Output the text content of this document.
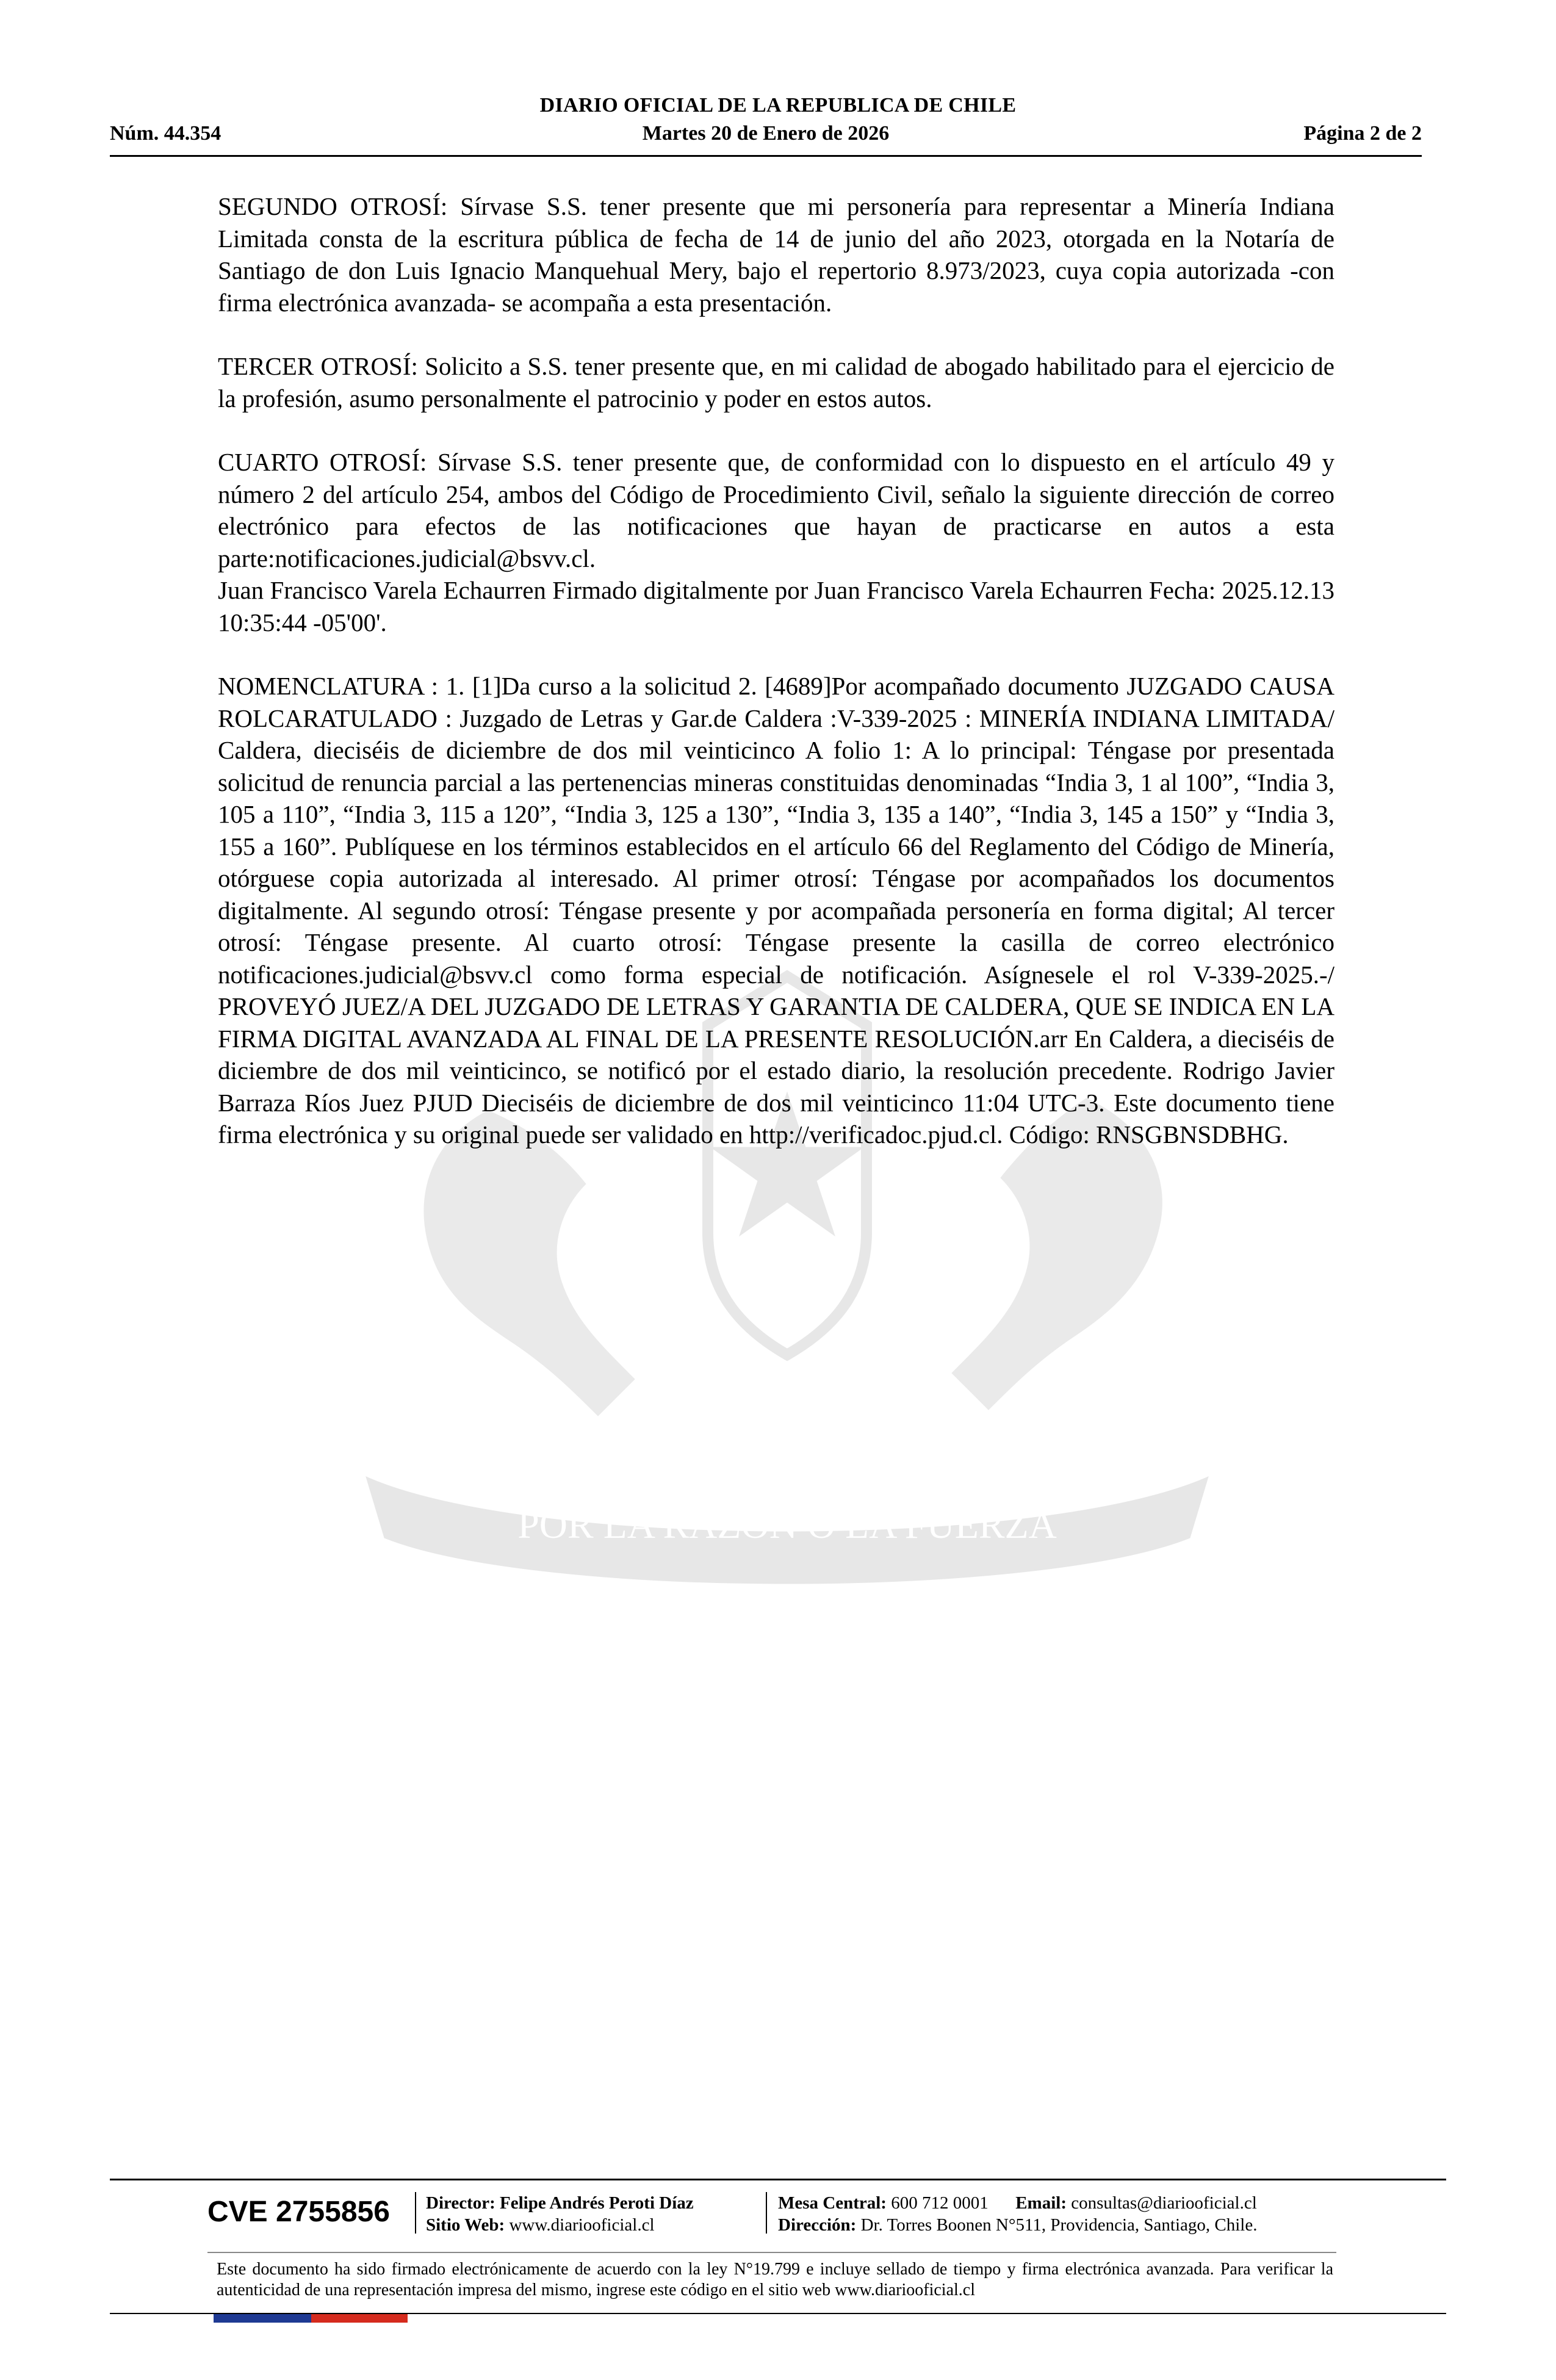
DIARIO OFICIAL DE LA REPUBLICA DE CHILE
Núm. 44.354	Martes 20 de Enero de 2026	Página 2 de 2
POR LA RAZON O LA FUERZA

SEGUNDO OTROSÍ: Sírvase S.S. tener presente que mi personería para representar a Minería Indiana Limitada consta de la escritura pública de fecha de 14 de junio del año 2023, otorgada en la Notaría de Santiago de don Luis Ignacio Manquehual Mery, bajo el repertorio 8.973/2023, cuya copia autorizada -con firma electrónica avanzada- se acompaña a esta presentación.

TERCER OTROSÍ: Solicito a S.S. tener presente que, en mi calidad de abogado habilitado para el ejercicio de la profesión, asumo personalmente el patrocinio y poder en estos autos.

CUARTO OTROSÍ: Sírvase S.S. tener presente que, de conformidad con lo dispuesto en el artículo 49 y número 2 del artículo 254, ambos del Código de Procedimiento Civil, señalo la siguiente dirección de correo electrónico para efectos de las notificaciones que hayan de practicarse en autos a esta parte:notificaciones.judicial@bsvv.cl.

Juan Francisco Varela Echaurren Firmado digitalmente por Juan Francisco Varela Echaurren Fecha: 2025.12.13 10:35:44 -05'00'.

NOMENCLATURA : 1. [1]Da curso a la solicitud 2. [4689]Por acompañado documento JUZGADO CAUSA ROLCARATULADO : Juzgado de Letras y Gar.de Caldera :V-339-2025 : MINERÍA INDIANA LIMITADA/ Caldera, dieciséis de diciembre de dos mil veinticinco A folio 1: A lo principal: Téngase por presentada solicitud de renuncia parcial a las pertenencias mineras constituidas denominadas “India 3, 1 al 100”, “India 3, 105 a 110”, “India 3, 115 a 120”, “India 3, 125 a 130”, “India 3, 135 a 140”, “India 3, 145 a 150” y “India 3, 155 a 160”. Publíquese en los términos establecidos en el artículo 66 del Reglamento del Código de Minería, otórguese copia autorizada al interesado. Al primer otrosí: Téngase por acompañados los documentos digitalmente. Al segundo otrosí: Téngase presente y por acompañada personería en forma digital; Al tercer otrosí: Téngase presente. Al cuarto otrosí: Téngase presente la casilla de correo electrónico notificaciones.judicial@bsvv.cl como forma especial de notificación. Asígnesele el rol V-339-2025.-/ PROVEYÓ JUEZ/A DEL JUZGADO DE LETRAS Y GARANTIA DE CALDERA, QUE SE INDICA EN LA FIRMA DIGITAL AVANZADA AL FINAL DE LA PRESENTE RESOLUCIÓN.arr En Caldera, a dieciséis de diciembre de dos mil veinticinco, se notificó por el estado diario, la resolución precedente. Rodrigo Javier Barraza Ríos Juez PJUD Dieciséis de diciembre de dos mil veinticinco 11:04 UTC-3. Este documento tiene firma electrónica y su original puede ser validado en http://verificadoc.pjud.cl. Código: RNSGBNSDBHG.

CVE 2755856 Director: Felipe Andrés Peroti Díaz
Sitio Web: www.diariooficial.cl
Mesa Central: 600 712 0001 Email: consultas@diariooficial.cl
Dirección: Dr. Torres Boonen N°511, Providencia, Santiago, Chile.
Este documento ha sido firmado electrónicamente de acuerdo con la ley N°19.799 e incluye sellado de tiempo y firma electrónica avanzada. Para verificar la autenticidad de una representación impresa del mismo, ingrese este código en el sitio web www.diariooficial.cl
